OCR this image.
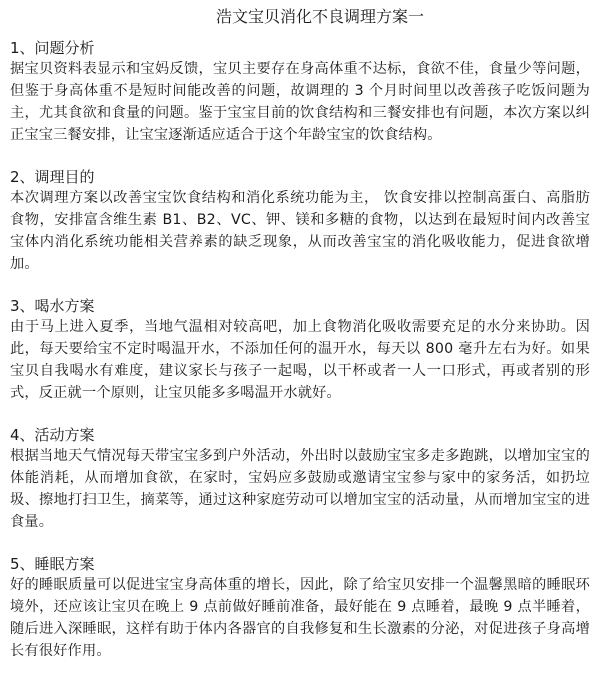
浩文宝贝消化不良调理方案一
1、问题分析

据宝贝资料表显示和宝妈反馈，宝贝主要存在身高体重不达标，食欲不佳，食量少等问题，但鉴于身高体重不是短时间能改善的问题，故调理的 3 个月时间里以改善孩子吃饭问题为主，尤其食欲和食量的问题。鉴于宝宝目前的饮食结构和三餐安排也有问题，本次方案以纠正宝宝三餐安排，让宝宝逐渐适应适合于这个年龄宝宝的饮食结构。

2、调理目的

本次调理方案以改善宝宝饮食结构和消化系统功能为主， 饮食安排以控制高蛋白、高脂肪食物，安排富含维生素 B1、B2、VC、钾、镁和多糖的食物，以达到在最短时间内改善宝宝体内消化系统功能相关营养素的缺乏现象，从而改善宝宝的消化吸收能力，促进食欲增加。

3、喝水方案

由于马上进入夏季，当地气温相对较高吧，加上食物消化吸收需要充足的水分来协助。因此，每天要给宝不定时喝温开水，不添加任何的温开水，每天以 800 毫升左右为好。如果宝贝自我喝水有难度，建议家长与孩子一起喝，以干杯或者一人一口形式，再或者别的形式，反正就一个原则，让宝贝能多多喝温开水就好。

4、活动方案

根据当地天气情况每天带宝宝多到户外活动，外出时以鼓励宝宝多走多跑跳，以增加宝宝的体能消耗，从而增加食欲，在家时，宝妈应多鼓励或邀请宝宝参与家中的家务活，如扔垃圾、擦地打扫卫生，摘菜等，通过这种家庭劳动可以增加宝宝的活动量，从而增加宝宝的进食量。

5、睡眠方案

好的睡眠质量可以促进宝宝身高体重的增长，因此，除了给宝贝安排一个温馨黑暗的睡眠环境外，还应该让宝贝在晚上 9 点前做好睡前准备，最好能在 9 点睡着，最晚 9 点半睡着，随后进入深睡眠，这样有助于体内各器官的自我修复和生长激素的分泌，对促进孩子身高增长有很好作用。
